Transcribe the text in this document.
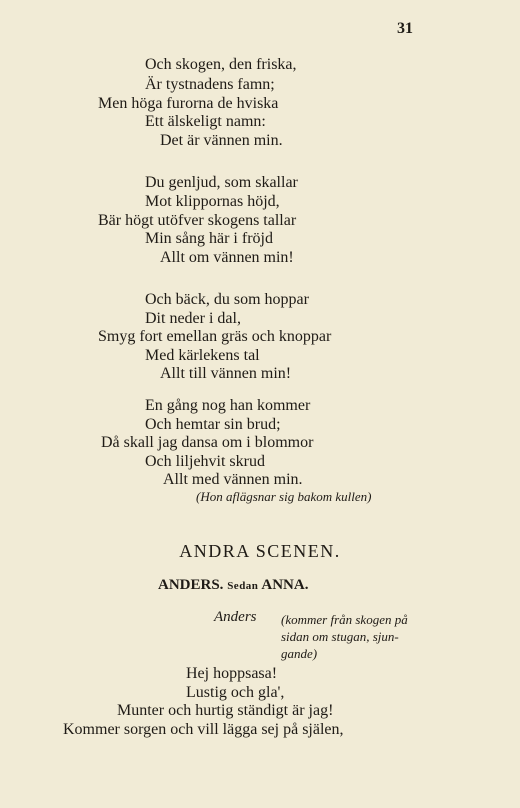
31
Och skogen, den friska,
Är tystnadens famn;
Men höga furorna de hviska
Ett älskeligt namn:
Det är vännen min.
Du genljud, som skallar
Mot klippornas höjd,
Bär högt utöfver skogens tallar
Min sång här i fröjd
Allt om vännen min!
Och bäck, du som hoppar
Dit neder i dal,
Smyg fort emellan gräs och knoppar
Med kärlekens tal
Allt till vännen min!
En gång nog han kommer
Och hemtar sin brud;
Då skall jag dansa om i blommor
Och liljehvit skrud
Allt med vännen min.
(Hon aflägsnar sig bakom kullen)
ANDRA SCENEN.
ANDERS. Sedan ANNA.
Anders (kommer från skogen på
sidan om stugan, sjun-
gande)
Hej hoppsasa!
Lustig och gla',
Munter och hurtig ständigt är jag!
Kommer sorgen och vill lägga sej på själen,
